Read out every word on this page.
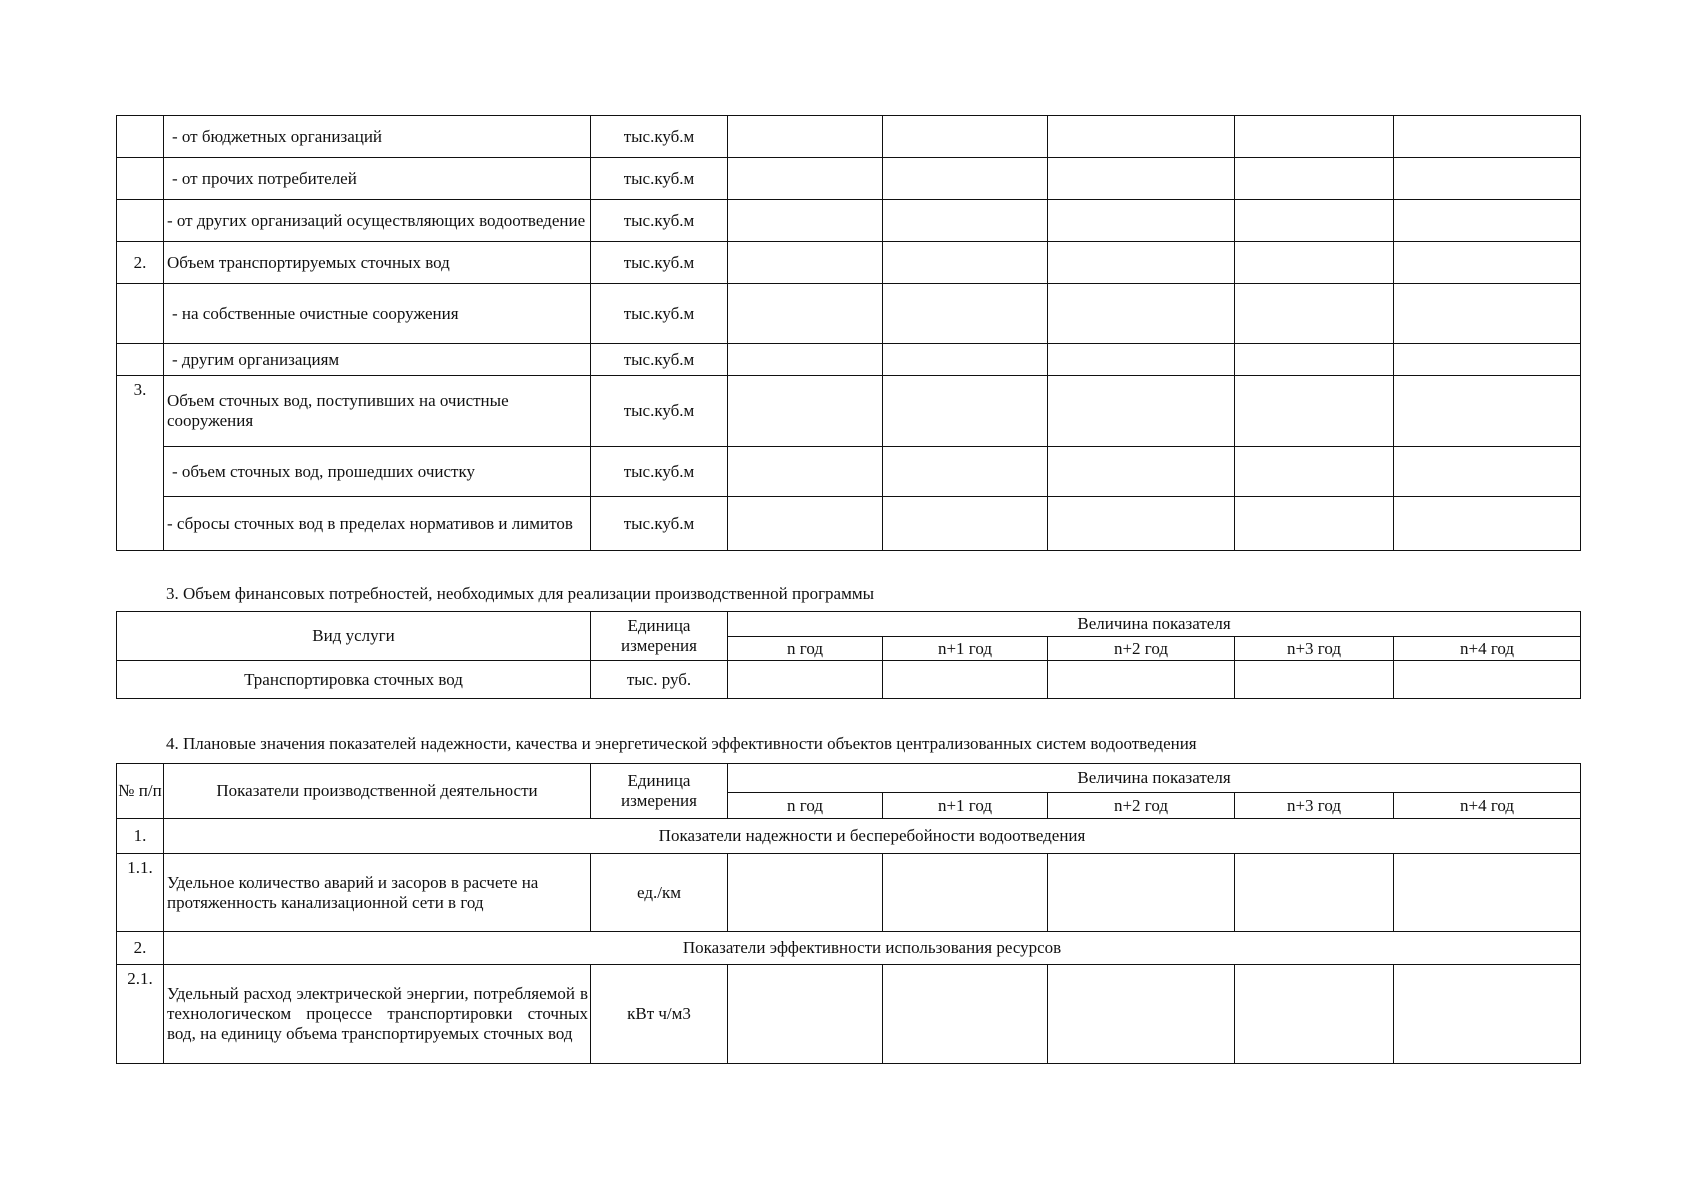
	- от бюджетных организаций	тыс.куб.м					
	- от прочих потребителей	тыс.куб.м					
	- от других организаций осуществляющих водоотведение	тыс.куб.м					
2.	Объем транспортируемых сточных вод	тыс.куб.м					
	- на собственные очистные сооружения	тыс.куб.м					
	- другим организациям	тыс.куб.м					
3.	Объем сточных вод, поступивших на очистные сооружения	тыс.куб.м					
	- объем сточных вод, прошедших очистку	тыс.куб.м					
	- сбросы сточных вод в пределах нормативов и лимитов	тыс.куб.м					

3. Объем финансовых потребностей, необходимых для реализации производственной программы

Вид услуги	Единица измерения	Величина показателя				
		n год	n+1 год	n+2 год	n+3 год	n+4 год
Транспортировка сточных вод	тыс. руб.					

4. Плановые значения показателей надежности, качества и энергетической эффективности объектов централизованных систем водоотведения

№ п/п	Показатели производственной деятельности	Единица измерения	Величина показателя				
			n год	n+1 год	n+2 год	n+3 год	n+4 год
1.	Показатели надежности и бесперебойности водоотведения						
1.1.	Удельное количество аварий и засоров в расчете на протяженность канализационной сети в год	ед./км					
2.	Показатели эффективности использования ресурсов						
2.1.	Удельный расход электрической энергии, потребляемой в технологическом процессе транспортировки сточных вод, на единицу объема транспортируемых сточных вод	кВт ч/м3					
